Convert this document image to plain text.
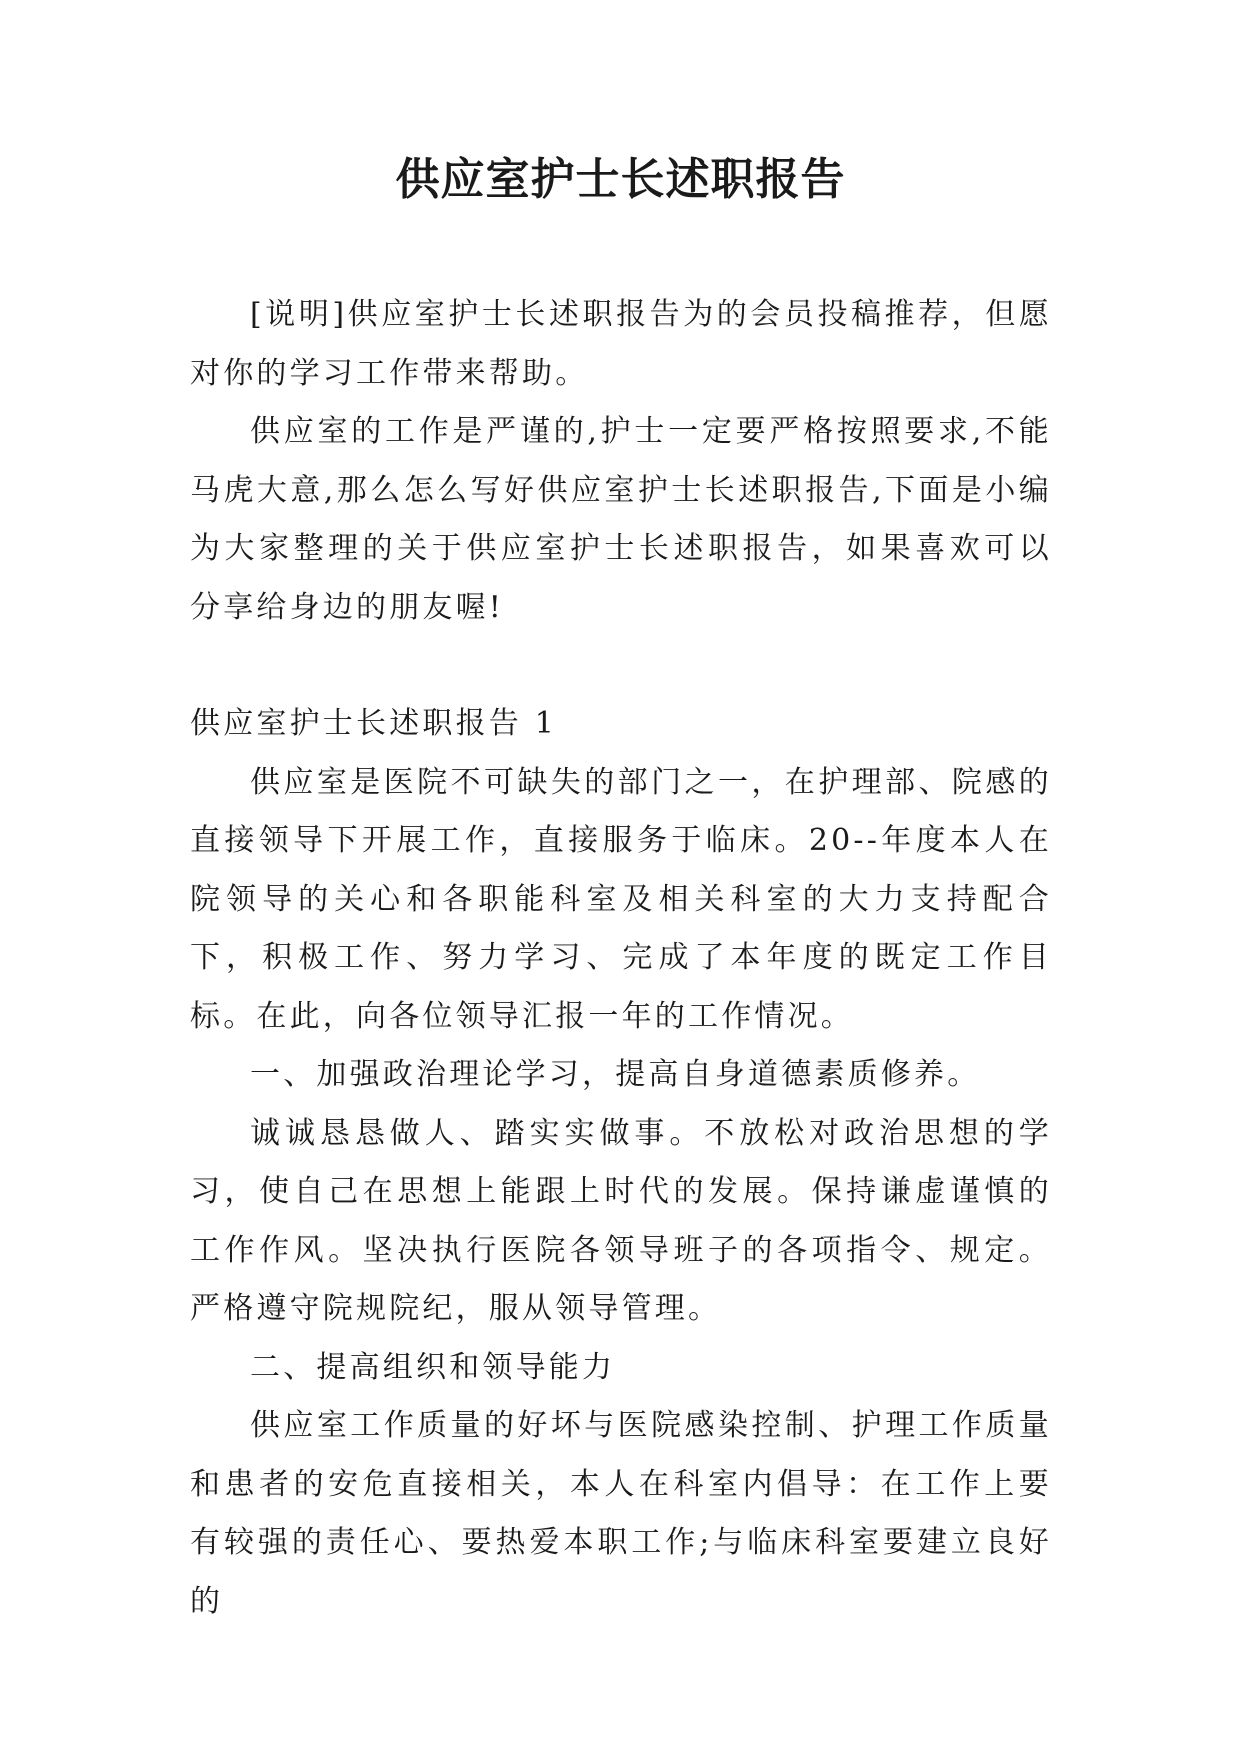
供应室护士长述职报告

[说明]供应室护士长述职报告为的会员投稿推荐，但愿对你的学习工作带来帮助。

供应室的工作是严谨的,护士一定要严格按照要求,不能马虎大意,那么怎么写好供应室护士长述职报告,下面是小编为大家整理的关于供应室护士长述职报告，如果喜欢可以分享给身边的朋友喔!

供应室护士长述职报告 1

供应室是医院不可缺失的部门之一，在护理部、院感的直接领导下开展工作，直接服务于临床。20--年度本人在院领导的关心和各职能科室及相关科室的大力支持配合下，积极工作、努力学习、完成了本年度的既定工作目标。在此，向各位领导汇报一年的工作情况。

一、加强政治理论学习，提高自身道德素质修养。

诚诚恳恳做人、踏实实做事。不放松对政治思想的学习，使自己在思想上能跟上时代的发展。保持谦虚谨慎的工作作风。坚决执行医院各领导班子的各项指令、规定。严格遵守院规院纪，服从领导管理。

二、提高组织和领导能力

供应室工作质量的好坏与医院感染控制、护理工作质量和患者的安危直接相关，本人在科室内倡导：在工作上要有较强的责任心、要热爱本职工作;与临床科室要建立良好的
